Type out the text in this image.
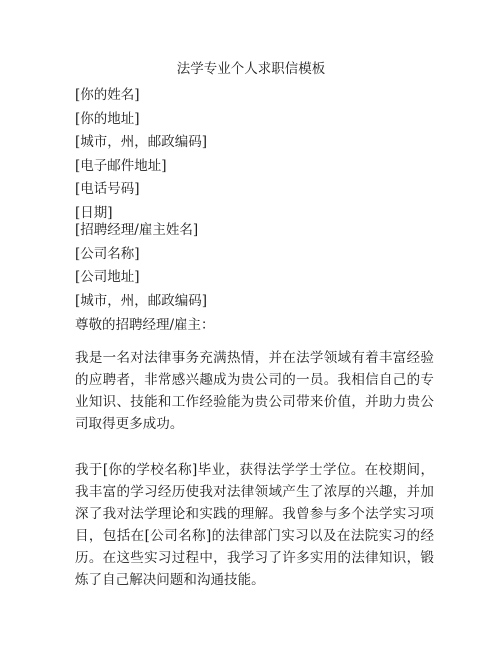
法学专业个人求职信模板
[你的姓名]
[你的地址]
[城市，州，邮政编码]
[电子邮件地址]
[电话号码]
[日期]
[招聘经理/雇主姓名]
[公司名称]
[公司地址]
[城市，州，邮政编码]
尊敬的招聘经理/雇主：
我是一名对法律事务充满热情，并在法学领域有着丰富经验的应聘者，非常感兴趣成为贵公司的一员。我相信自己的专业知识、技能和工作经验能为贵公司带来价值，并助力贵公司取得更多成功。
我于[你的学校名称]毕业，获得法学学士学位。在校期间，我丰富的学习经历使我对法律领域产生了浓厚的兴趣，并加深了我对法学理论和实践的理解。我曾参与多个法学实习项目，包括在[公司名称]的法律部门实习以及在法院实习的经历。在这些实习过程中，我学习了许多实用的法律知识，锻炼了自己解决问题和沟通技能。
